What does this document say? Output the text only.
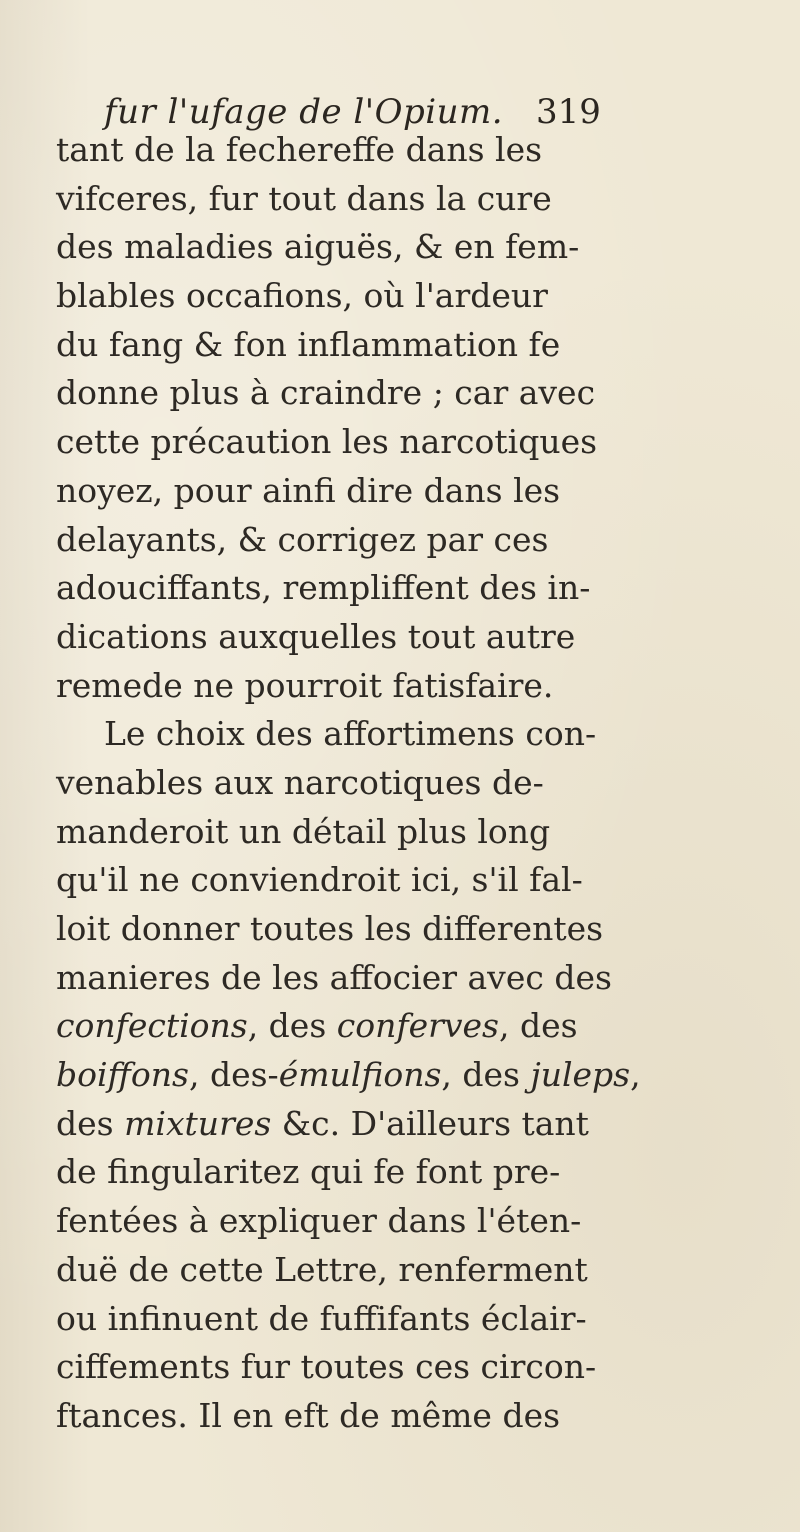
fur l'ufage de l'Opium. 319
tant de la fechereffe dans les
vifceres, fur tout dans la cure
des maladies aiguës, & en fem-
blables occafions, où l'ardeur
du fang & fon inflammation fe
donne plus à craindre ; car avec
cette précaution les narcotiques
noyez, pour ainfi dire dans les
delayants, & corrigez par ces
adouciffants, rempliffent des in-
dications auxquelles tout autre
remede ne pourroit fatisfaire.
Le choix des affortimens con-
venables aux narcotiques de-
manderoit un détail plus long
qu'il ne conviendroit ici, s'il fal-
loit donner toutes les differentes
manieres de les affocier avec des
confections, des conferves, des
boiffons, des-émulfions, des juleps,
des mixtures &c. D'ailleurs tant
de fingularitez qui fe font pre-
fentées à expliquer dans l'éten-
duë de cette Lettre, renferment
ou infinuent de fuffifants éclair-
ciffements fur toutes ces circon-
ftances. Il en eft de même des
